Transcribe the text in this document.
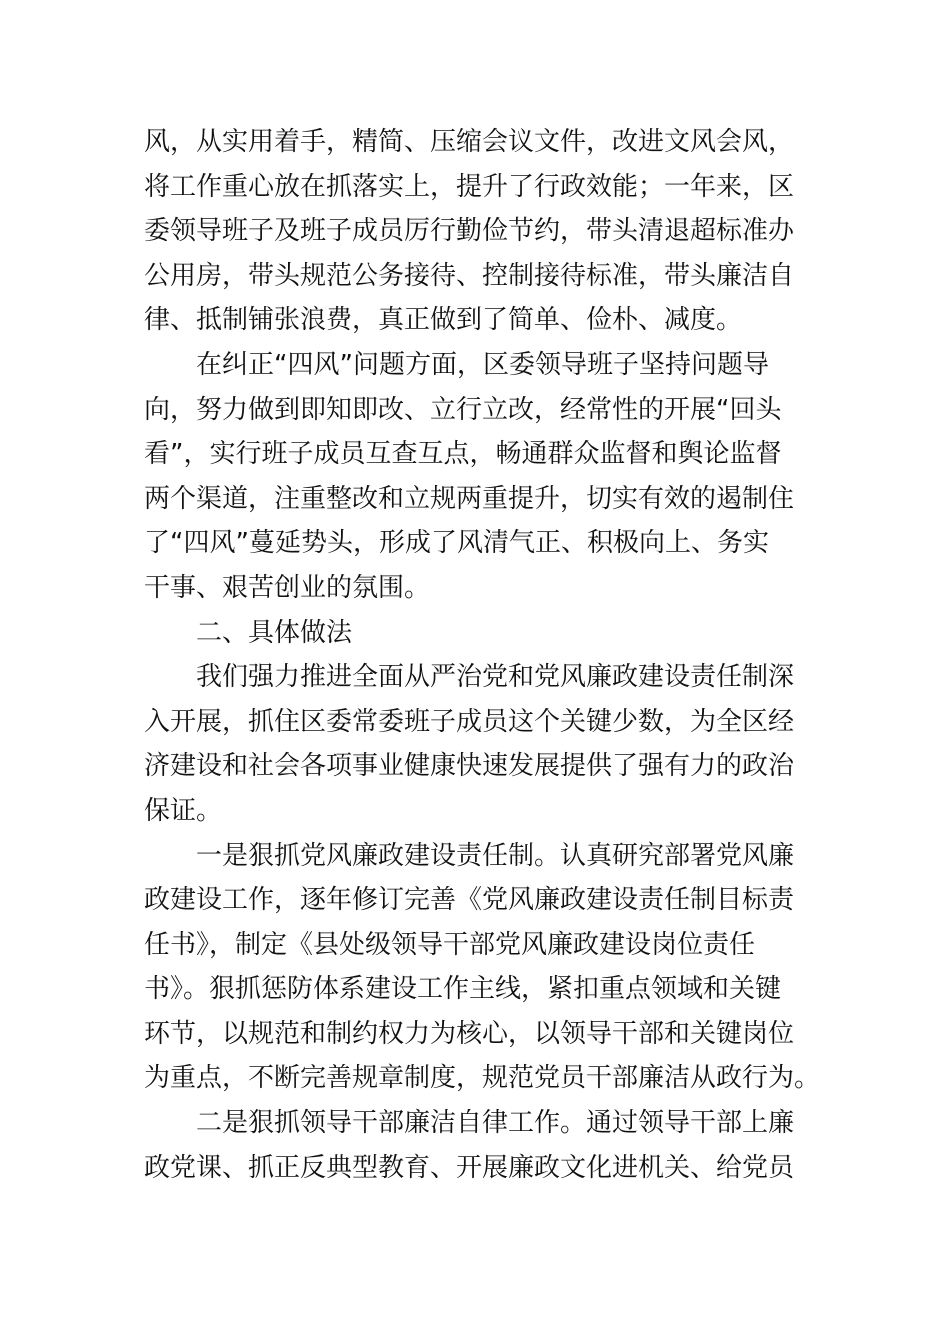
风，从实用着手，精简、压缩会议文件，改进文风会风，
将工作重心放在抓落实上，提升了行政效能；一年来，区
委领导班子及班子成员厉行勤俭节约，带头清退超标准办
公用房，带头规范公务接待、控制接待标准，带头廉洁自
律、抵制铺张浪费，真正做到了简单、俭朴、减度。
在纠正“四风”问题方面，区委领导班子坚持问题导
向，努力做到即知即改、立行立改，经常性的开展“回头
看”，实行班子成员互查互点，畅通群众监督和舆论监督
两个渠道，注重整改和立规两重提升，切实有效的遏制住
了“四风”蔓延势头，形成了风清气正、积极向上、务实
干事、艰苦创业的氛围。
二、具体做法
我们强力推进全面从严治党和党风廉政建设责任制深
入开展，抓住区委常委班子成员这个关键少数，为全区经
济建设和社会各项事业健康快速发展提供了强有力的政治
保证。
一是狠抓党风廉政建设责任制。认真研究部署党风廉
政建设工作，逐年修订完善《党风廉政建设责任制目标责
任书》，制定《县处级领导干部党风廉政建设岗位责任
书》。狠抓惩防体系建设工作主线，紧扣重点领域和关键
环节，以规范和制约权力为核心，以领导干部和关键岗位
为重点，不断完善规章制度，规范党员干部廉洁从政行为。
二是狠抓领导干部廉洁自律工作。通过领导干部上廉
政党课、抓正反典型教育、开展廉政文化进机关、给党员
